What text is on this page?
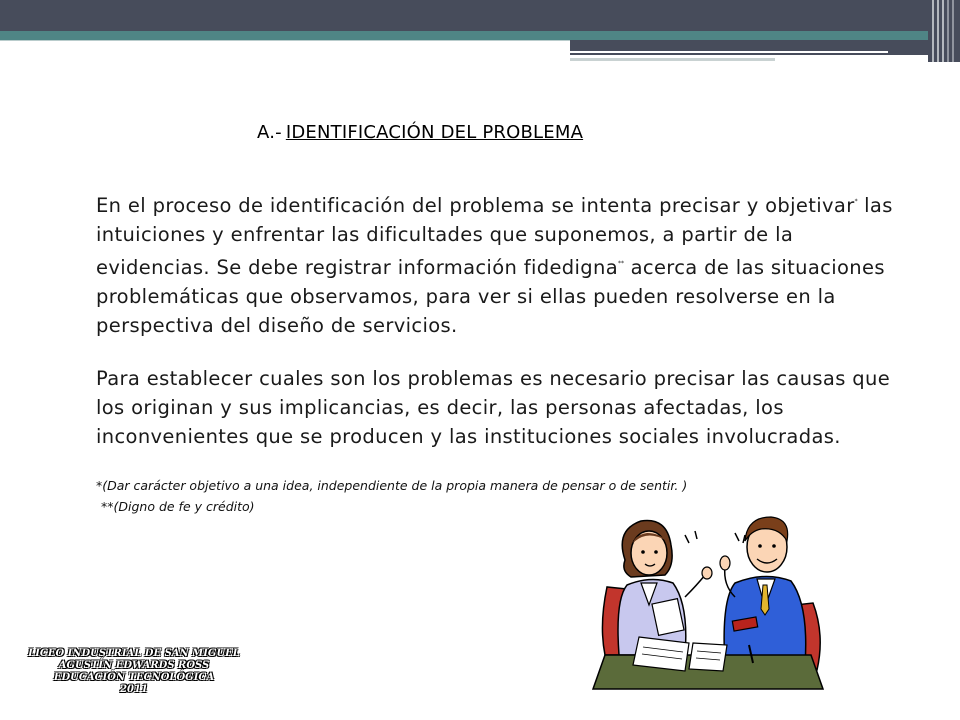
A.- IDENTIFICACIÓN DEL PROBLEMA

En el proceso de identificación del problema se intenta precisar y objetivar* las intuiciones y enfrentar las dificultades que suponemos, a partir de la evidencias. Se debe registrar información fidedigna** acerca de las situaciones problemáticas que observamos, para ver si ellas pueden resolverse en la perspectiva del diseño de servicios.

Para establecer cuales son los problemas es necesario precisar las causas que los originan y sus implicancias, es decir, las personas afectadas, los inconvenientes que se producen y las instituciones sociales involucradas.

*(Dar carácter objetivo a una idea, independiente de la propia manera de pensar o de sentir. )
**(Digno de fe y crédito)
LICEO INDUSTRIAL DE SAN MIGUEL
AGUSTÍN EDWARDS ROSS
EDUCACIÓN TECNOLÓGICA
2011
